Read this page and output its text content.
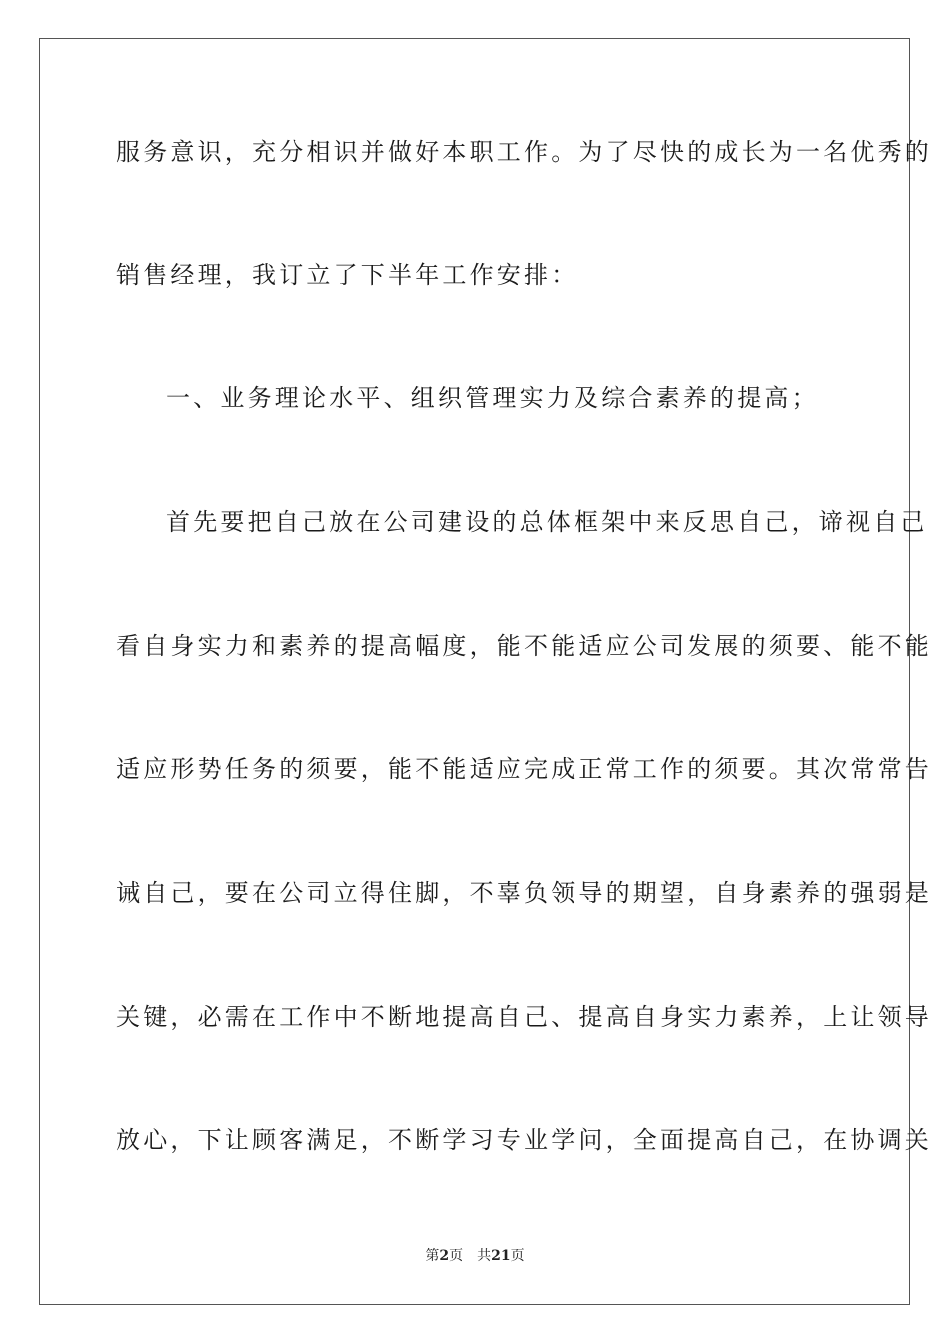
服务意识，充分相识并做好本职工作。为了尽快的成长为一名优秀的
销售经理，我订立了下半年工作安排：
一、业务理论水平、组织管理实力及综合素养的提高；
首先要把自己放在公司建设的总体框架中来反思自己，谛视自己
看自身实力和素养的提高幅度，能不能适应公司发展的须要、能不能
适应形势任务的须要，能不能适应完成正常工作的须要。其次常常告
诫自己，要在公司立得住脚，不辜负领导的期望，自身素养的强弱是
关键，必需在工作中不断地提高自己、提高自身实力素养，上让领导
放心，下让顾客满足，不断学习专业学问，全面提高自己，在协调关
第2页 共21页
